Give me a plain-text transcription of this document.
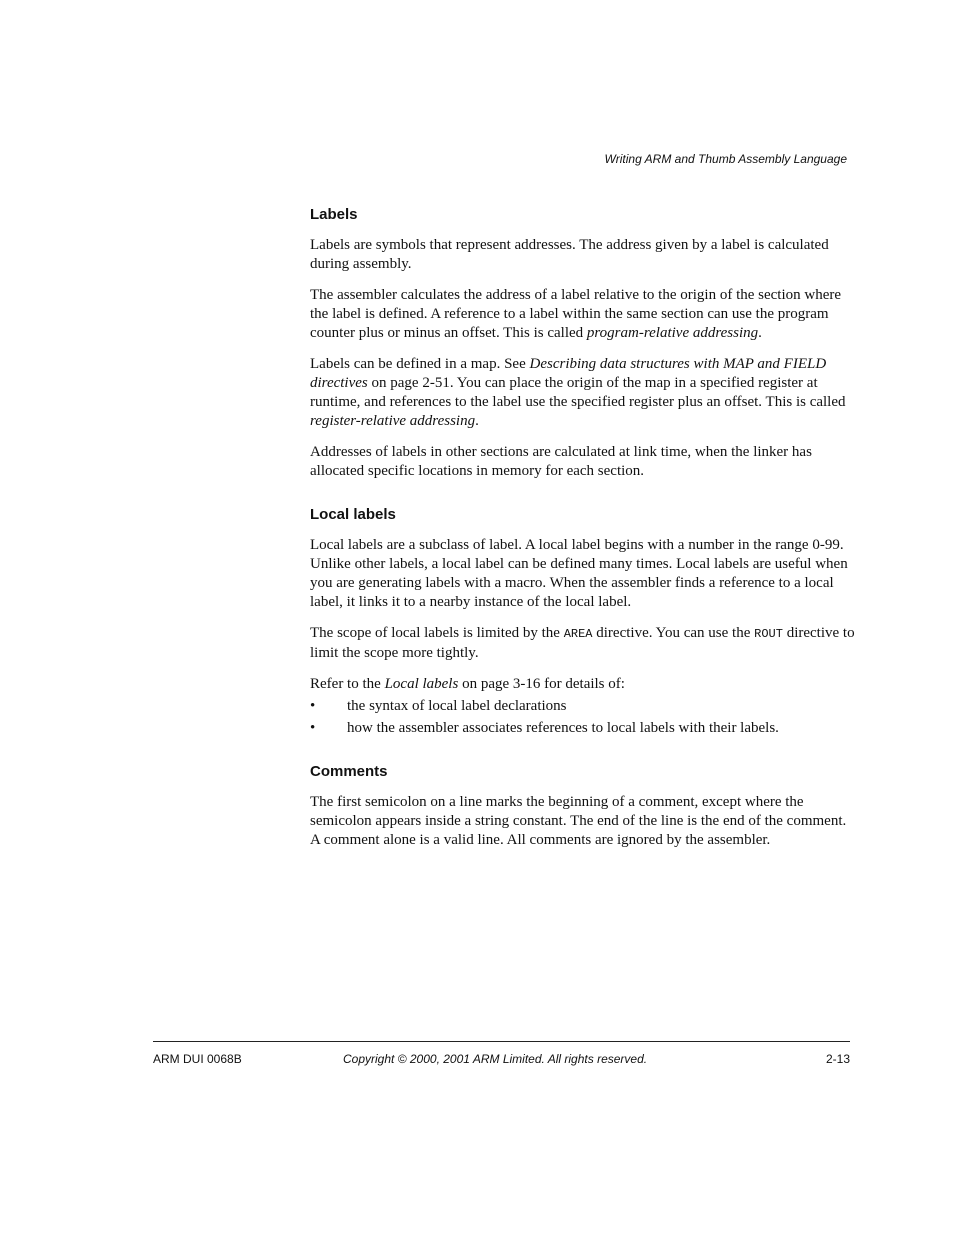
Writing ARM and Thumb Assembly Language
Labels

Labels are symbols that represent addresses. The address given by a label is calculated during assembly.

The assembler calculates the address of a label relative to the origin of the section where the label is defined. A reference to a label within the same section can use the program counter plus or minus an offset. This is called program-relative addressing.

Labels can be defined in a map. See Describing data structures with MAP and FIELD directives on page 2-51. You can place the origin of the map in a specified register at runtime, and references to the label use the specified register plus an offset. This is called register-relative addressing.

Addresses of labels in other sections are calculated at link time, when the linker has allocated specific locations in memory for each section.

Local labels

Local labels are a subclass of label. A local label begins with a number in the range 0-99. Unlike other labels, a local label can be defined many times. Local labels are useful when you are generating labels with a macro. When the assembler finds a reference to a local label, it links it to a nearby instance of the local label.

The scope of local labels is limited by the AREA directive. You can use the ROUT directive to limit the scope more tightly.

Refer to the Local labels on page 3-16 for details of:

• the syntax of local label declarations
• how the assembler associates references to local labels with their labels.
Comments

The first semicolon on a line marks the beginning of a comment, except where the semicolon appears inside a string constant. The end of the line is the end of the comment. A comment alone is a valid line. All comments are ignored by the assembler.

ARM DUI 0068B	Copyright © 2000, 2001 ARM Limited. All rights reserved.	2-13
